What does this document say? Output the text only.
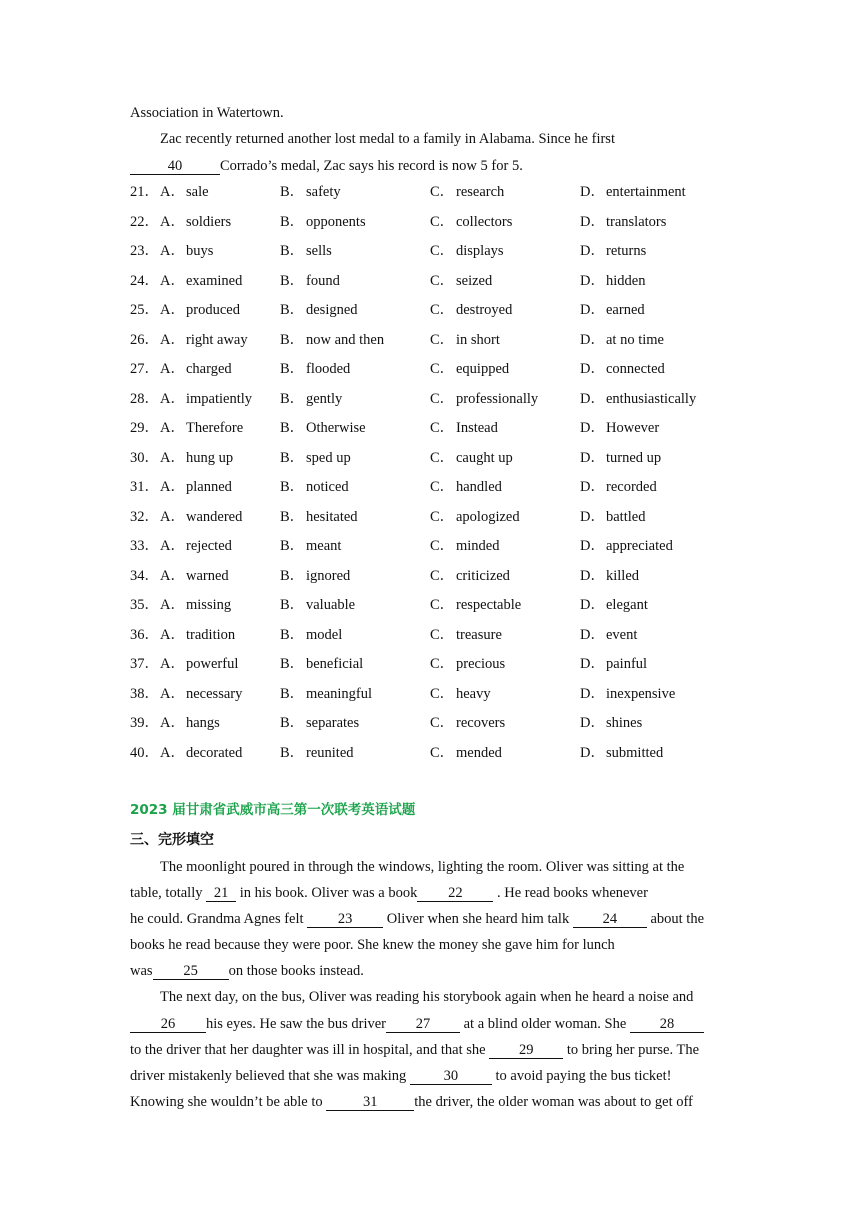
Association in Watertown.
Zac recently returned another lost medal to a family in Alabama. Since he first
40	Corrado’s medal, Zac says his record is now 5 for 5.
21． A． sale	B． safety	C． research	D． entertainment
22． A． soldiers	B． opponents	C． collectors	D． translators
23． A． buys	B． sells	C． displays	D． returns
24． A． examined	B． found	C． seized	D． hidden
25． A． produced	B． designed	C． destroyed	D． earned
26． A． right away B． now and then	C． in short	D． at no time
27． A． charged	B． flooded	C． equipped	D． connected
28． A． impatiently B． gently	C． professionally	D． enthusiastically
29． A． Therefore	B． Otherwise	C． Instead	D． However
30． A． hung up	B． sped up	C． caught up	D． turned up
31． A． planned	B． noticed	C． handled	D． recorded
32． A． wandered	B． hesitated	C． apologized	D． battled
33． A． rejected	B． meant	C． minded	D． appreciated
34． A． warned	B． ignored	C． criticized	D． killed
35． A． missing	B． valuable	C． respectable	D． elegant
36． A． tradition	B． model	C． treasure	D． event
37． A． powerful	B． beneficial	C． precious	D． painful
38． A． necessary	B． meaningful	C． heavy	D． inexpensive
39． A． hangs	B． separates	C． recovers	D． shines
40． A． decorated	B． reunited	C． mended	D． submitted
2023 届甘肃省武威市高三第一次联考英语试题
三、完形填空
The moonlight poured in through the windows, lighting the room. Oliver was sitting at the
table, totally 21 in his book. Oliver was a book 22 . He read books whenever
he could. Grandma Agnes felt 23 Oliver when she heard him talk 24 about the
books he read because they were poor. She knew the money she gave him for lunch
was 25 on those books instead.
The next day, on the bus, Oliver was reading his storybook again when he heard a noise and
26 his eyes. He saw the bus driver 27 at a blind older woman. She 28
to the driver that her daughter was ill in hospital, and that she 29 to bring her purse. The
driver mistakenly believed that she was making 30 to avoid paying the bus ticket!
Knowing she wouldn’t be able to	31	the driver, the older woman was about to get off
